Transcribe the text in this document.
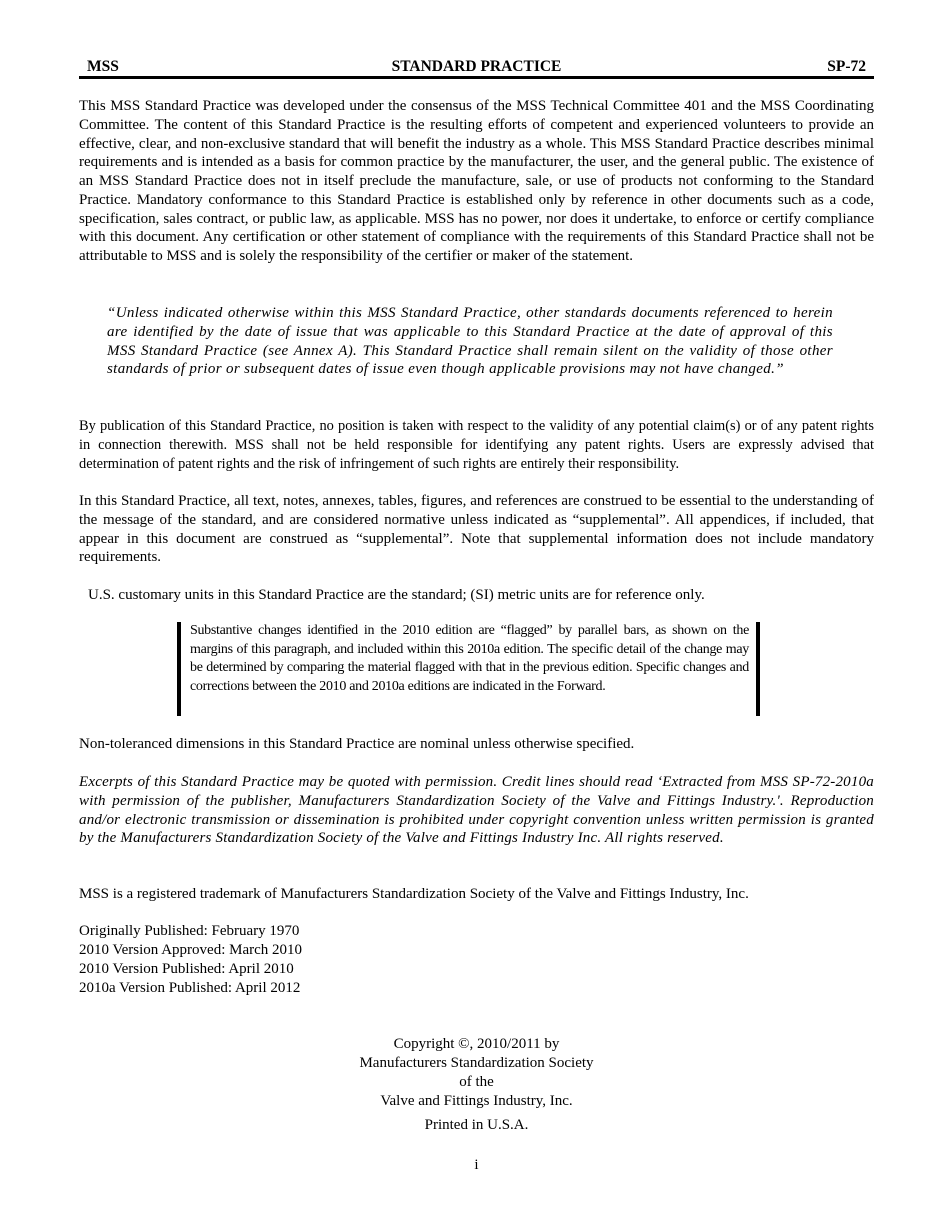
MSS	STANDARD PRACTICE	SP-72

This MSS Standard Practice was developed under the consensus of the MSS Technical Committee 401 and the MSS Coordinating Committee. The content of this Standard Practice is the resulting efforts of competent and experienced volunteers to provide an effective, clear, and non-exclusive standard that will benefit the industry as a whole. This MSS Standard Practice describes minimal requirements and is intended as a basis for common practice by the manufacturer, the user, and the general public. The existence of an MSS Standard Practice does not in itself preclude the manufacture, sale, or use of products not conforming to the Standard Practice. Mandatory conformance to this Standard Practice is established only by reference in other documents such as a code, specification, sales contract, or public law, as applicable. MSS has no power, nor does it undertake, to enforce or certify compliance with this document. Any certification or other statement of compliance with the requirements of this Standard Practice shall not be attributable to MSS and is solely the responsibility of the certifier or maker of the statement.

“Unless indicated otherwise within this MSS Standard Practice, other standards documents referenced to herein are identified by the date of issue that was applicable to this Standard Practice at the date of approval of this MSS Standard Practice (see Annex A). This Standard Practice shall remain silent on the validity of those other standards of prior or subsequent dates of issue even though applicable provisions may not have changed.”

By publication of this Standard Practice, no position is taken with respect to the validity of any potential claim(s) or of any patent rights in connection therewith. MSS shall not be held responsible for identifying any patent rights. Users are expressly advised that determination of patent rights and the risk of infringement of such rights are entirely their responsibility.

In this Standard Practice, all text, notes, annexes, tables, figures, and references are construed to be essential to the understanding of the message of the standard, and are considered normative unless indicated as “supplemental”. All appendices, if included, that appear in this document are construed as “supplemental”. Note that supplemental information does not include mandatory requirements.

U.S. customary units in this Standard Practice are the standard; (SI) metric units are for reference only.

Substantive changes identified in the 2010 edition are “flagged” by parallel bars, as shown on the margins of this paragraph, and included within this 2010a edition. The specific detail of the change may be determined by comparing the material flagged with that in the previous edition. Specific changes and corrections between the 2010 and 2010a editions are indicated in the Forward.

Non-toleranced dimensions in this Standard Practice are nominal unless otherwise specified.

Excerpts of this Standard Practice may be quoted with permission. Credit lines should read ‘Extracted from MSS SP-72-2010a with permission of the publisher, Manufacturers Standardization Society of the Valve and Fittings Industry.'. Reproduction and/or electronic transmission or dissemination is prohibited under copyright convention unless written permission is granted by the Manufacturers Standardization Society of the Valve and Fittings Industry Inc. All rights reserved.

MSS is a registered trademark of Manufacturers Standardization Society of the Valve and Fittings Industry, Inc.

Originally Published: February 1970
2010 Version Approved: March 2010
2010 Version Published: April 2010
2010a Version Published: April 2012
Copyright ©, 2010/2011 by
Manufacturers Standardization Society
of the
Valve and Fittings Industry, Inc.
Printed in U.S.A.
i
